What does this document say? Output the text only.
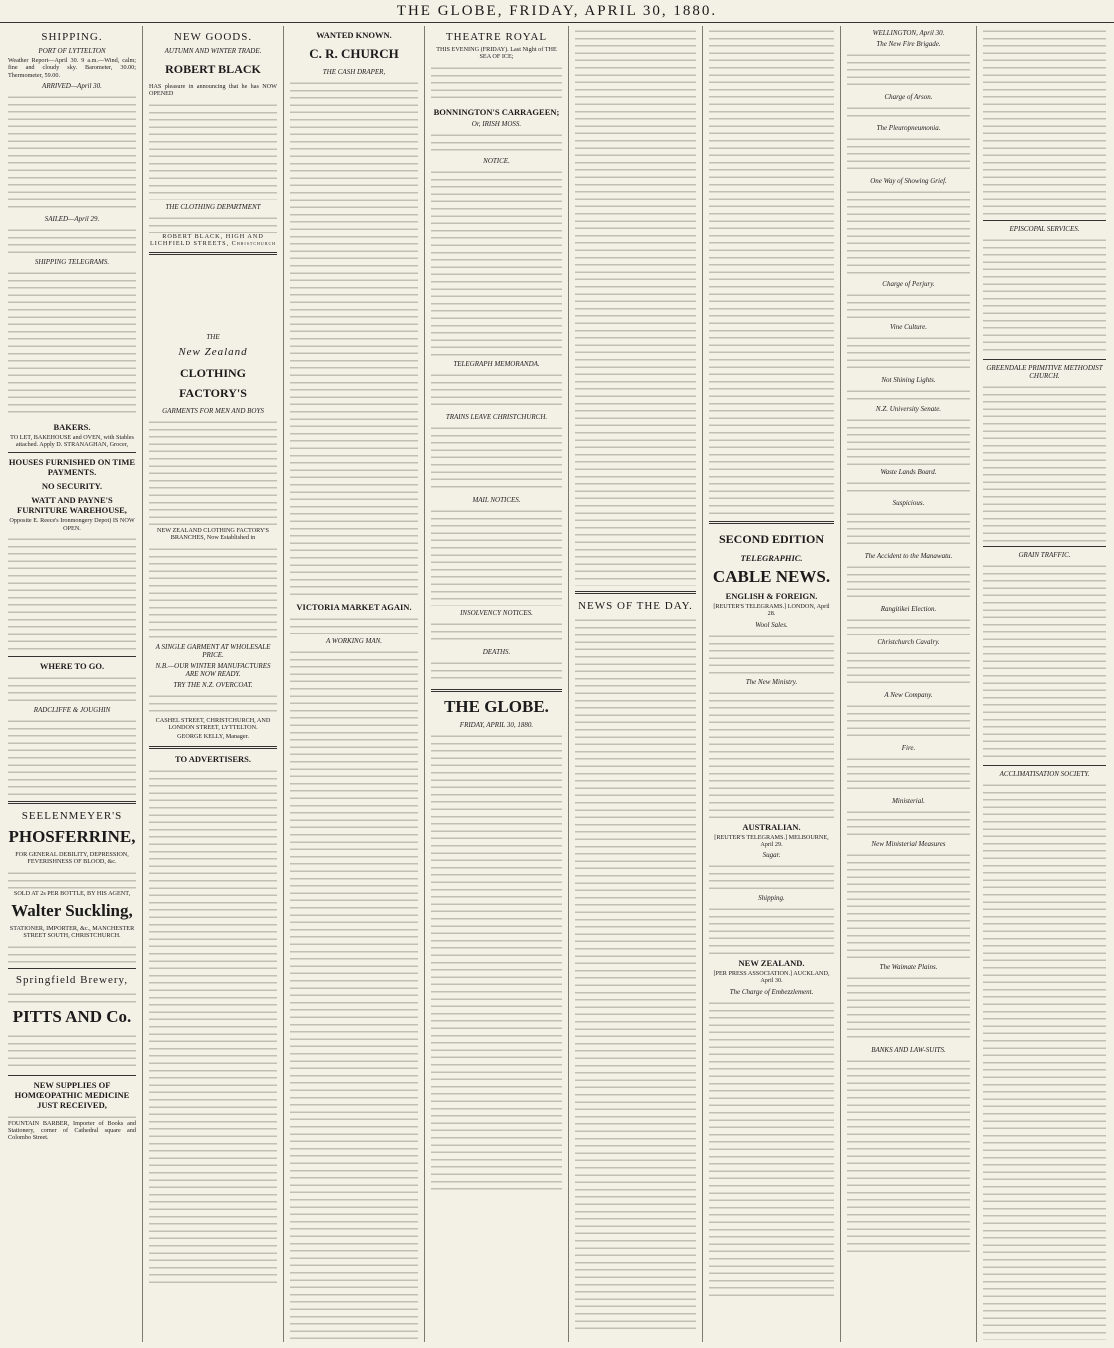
THE GLOBE, FRIDAY, APRIL 30, 1880.
SHIPPING.
PORT OF LYTTELTON

Weather Report—April 30. 9 a.m.—Wind, calm; fine and cloudy sky. Barometer, 30.00; Thermometer, 59.00.

ARRIVED—April 30.
SAILED—April 29.
SHIPPING TELEGRAMS.
BAKERS.

TO LET, BAKEHOUSE and OVEN, with Stables attached. Apply D. STRANAGHAN, Grocer,

HOUSES FURNISHED ON TIME PAYMENTS.
NO SECURITY.
WATT AND PAYNE'S FURNITURE WAREHOUSE,

Opposite E. Reece's Ironmongery Depot) IS NOW OPEN.

WHERE TO GO.
RADCLIFFE & JOUGHIN
SEELENMEYER'S
PHOSFERRINE,

FOR GENERAL DEBILITY, DEPRESSION, FEVERISHNESS OF BLOOD, &c.

SOLD AT 2s PER BOTTLE, BY HIS AGENT,

Walter Suckling,

STATIONER, IMPORTER, &c., MANCHESTER STREET SOUTH, CHRISTCHURCH.

Springfield Brewery,
PITTS AND Co.
NEW SUPPLIES OF HOMŒOPATHIC MEDICINE JUST RECEIVED,

FOUNTAIN BARBER, Importer of Books and Stationery, corner of Cathedral square and Colombo Street.

NEW GOODS.
AUTUMN AND WINTER TRADE.
ROBERT BLACK

HAS pleasure in announcing that he has NOW OPENED

THE CLOTHING DEPARTMENT

ROBERT BLACK, HIGH AND LICHFIELD STREETS, Christchurch

THE
New Zealand
CLOTHING FACTORY'S
GARMENTS FOR MEN AND BOYS

NEW ZEALAND CLOTHING FACTORY'S BRANCHES, Now Established in

A SINGLE GARMENT AT WHOLESALE PRICE.
N.B.—OUR WINTER MANUFACTURES ARE NOW READY.
TRY THE N.Z. OVERCOAT.

CASHEL STREET, CHRISTCHURCH, AND LONDON STREET, LYTTELTON.

GEORGE KELLY, Manager.

TO ADVERTISERS.
WANTED KNOWN.
C. R. CHURCH
THE CASH DRAPER,
VICTORIA MARKET AGAIN.
A WORKING MAN.
THEATRE ROYAL

THIS EVENING (FRIDAY). Last Night of THE SEA OF ICE;

BONNINGTON'S CARRAGEEN;
Or, IRISH MOSS.
NOTICE.
TELEGRAPH MEMORANDA.
TRAINS LEAVE CHRISTCHURCH.
MAIL NOTICES.
INSOLVENCY NOTICES.
DEATHS.
THE GLOBE.
FRIDAY, APRIL 30, 1880.
NEWS OF THE DAY.
SECOND EDITION
TELEGRAPHIC.
CABLE NEWS.
ENGLISH & FOREIGN.

[REUTER'S TELEGRAMS.] LONDON, April 28.

Wool Sales.
The New Ministry.
AUSTRALIAN.

[REUTER'S TELEGRAMS.] MELBOURNE, April 29.

Sugar.
Shipping.
NEW ZEALAND.

[PER PRESS ASSOCIATION.] AUCKLAND, April 30.

The Charge of Embezzlement.
WELLINGTON, April 30.
The New Fire Brigade.
Charge of Arson.
The Pleuropneumonia.
One Way of Showing Grief.
Charge of Perjury.
Vine Culture.
Not Shining Lights.
N.Z. University Senate.
Waste Lands Board.
Suspicious.
The Accident to the Manawatu.
Rangitikei Election.
Christchurch Cavalry.
A New Company.
Fire.
Ministerial.
New Ministerial Measures
The Waimate Plains.
BANKS AND LAW-SUITS.
EPISCOPAL SERVICES.
GREENDALE PRIMITIVE METHODIST CHURCH.
GRAIN TRAFFIC.
ACCLIMATISATION SOCIETY.
